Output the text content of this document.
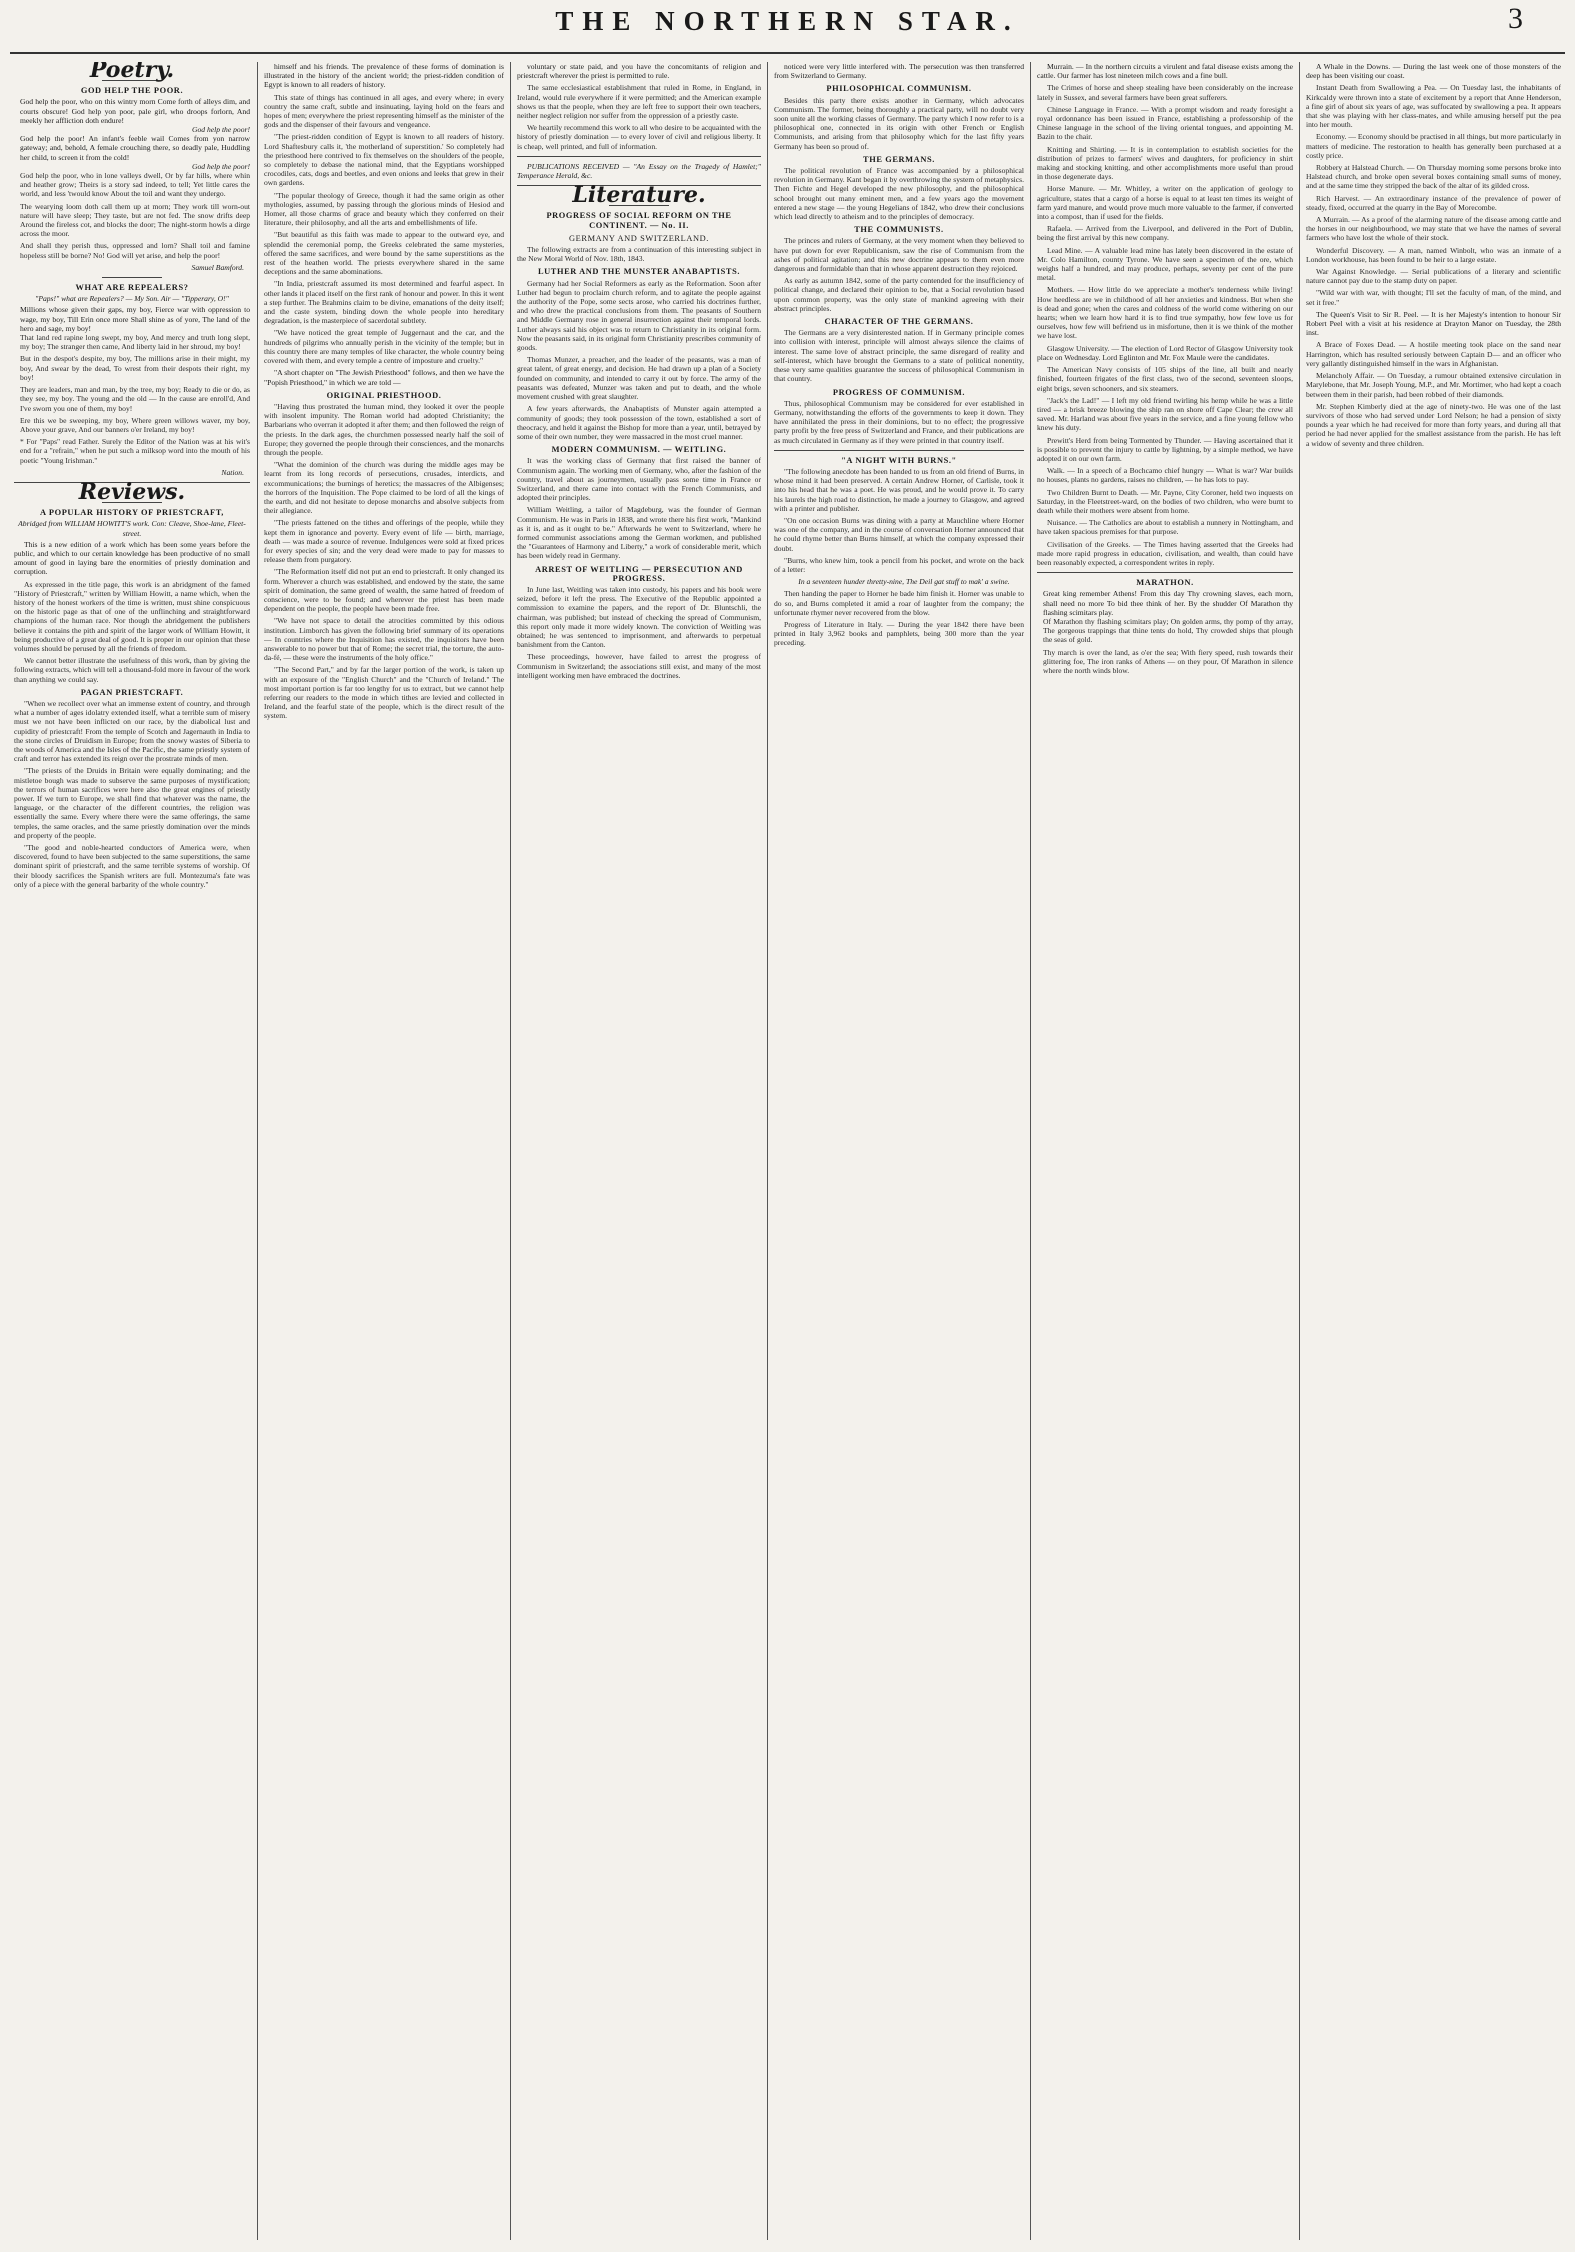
THE NORTHERN STAR.	3
Poetry.
GOD HELP THE POOR.

God help the poor, who on this wintry morn Come forth of alleys dim, and courts obscure! God help yon poor, pale girl, who droops forlorn, And meekly her affliction doth endure!

God help the poor!

God help the poor! An infant's feeble wail Comes from yon narrow gateway; and, behold, A female crouching there, so deadly pale, Huddling her child, to screen it from the cold!

God help the poor!

God help the poor, who in lone valleys dwell, Or by far hills, where whin and heather grow; Theirs is a story sad indeed, to tell; Yet little cares the world, and less 'twould know About the toil and want they undergo.

The wearying loom doth call them up at morn; They work till worn-out nature will have sleep; They taste, but are not fed. The snow drifts deep Around the fireless cot, and blocks the door; The night-storm howls a dirge across the moor.

And shall they perish thus, oppressed and lorn? Shall toil and famine hopeless still be borne? No! God will yet arise, and help the poor!

Samuel Bamford.
WHAT ARE REPEALERS?
"Paps!" what are Repealers? — My Son. Air — "Tipperary, O!"

Millions whose given their gaps, my boy, Fierce war with oppression to wage, my boy, Till Erin once more Shall shine as of yore, The land of the hero and sage, my boy!

That land red rapine long swept, my boy, And mercy and truth long slept, my boy; The stranger then came, And liberty laid in her shroud, my boy!

But in the despot's despite, my boy, The millions arise in their might, my boy, And swear by the dead, To wrest from their despots their right, my boy!

They are leaders, man and man, by the tree, my boy; Ready to die or do, as they see, my boy. The young and the old — In the cause are enroll'd, And I've sworn you one of them, my boy!

Ere this we be sweeping, my boy, Where green willows waver, my boy, Above your grave, And our banners o'er Ireland, my boy!

* For "Paps" read Father. Surely the Editor of the Nation was at his wit's end for a "refrain," when he put such a milksop word into the mouth of his poetic "Young Irishman."

Nation.
Reviews.
A POPULAR HISTORY OF PRIESTCRAFT,
Abridged from WILLIAM HOWITT'S work. Con: Cleave, Shoe-lane, Fleet-street.

This is a new edition of a work which has been some years before the public, and which to our certain knowledge has been productive of no small amount of good in laying bare the enormities of priestly domination and corruption.

As expressed in the title page, this work is an abridgment of the famed "History of Priestcraft," written by William Howitt, a name which, when the history of the honest workers of the time is written, must shine conspicuous on the historic page as that of one of the unflinching and straightforward champions of the human race. Nor though the abridgement the publishers believe it contains the pith and spirit of the larger work of William Howitt, it being productive of a great deal of good. It is proper in our opinion that these volumes should be perused by all the friends of freedom.

We cannot better illustrate the usefulness of this work, than by giving the following extracts, which will tell a thousand-fold more in favour of the work than anything we could say.

PAGAN PRIESTCRAFT.

"When we recollect over what an immense extent of country, and through what a number of ages idolatry extended itself, what a terrible sum of misery must we not have been inflicted on our race, by the diabolical lust and cupidity of priestcraft! From the temple of Scotch and Jagernauth in India to the stone circles of Druidism in Europe; from the snowy wastes of Siberia to the woods of America and the Isles of the Pacific, the same priestly system of craft and terror has extended its reign over the prostrate minds of men.

"The priests of the Druids in Britain were equally dominating; and the mistletoe bough was made to subserve the same purposes of mystification; the terrors of human sacrifices were here also the great engines of priestly power. If we turn to Europe, we shall find that whatever was the name, the language, or the character of the different countries, the religion was essentially the same. Every where there were the same offerings, the same temples, the same oracles, and the same priestly domination over the minds and property of the people.

"The good and noble-hearted conductors of America were, when discovered, found to have been subjected to the same superstitions, the same dominant spirit of priestcraft, and the same terrible systems of worship. Of their bloody sacrifices the Spanish writers are full. Montezuma's fate was only of a piece with the general barbarity of the whole country."

himself and his friends. The prevalence of these forms of domination is illustrated in the history of the ancient world; the priest-ridden condition of Egypt is known to all readers of history.

This state of things has continued in all ages, and every where; in every country the same craft, subtle and insinuating, laying hold on the fears and hopes of men; everywhere the priest representing himself as the minister of the gods and the dispenser of their favours and vengeance.

"The priest-ridden condition of Egypt is known to all readers of history. Lord Shaftesbury calls it, 'the motherland of superstition.' So completely had the priesthood here contrived to fix themselves on the shoulders of the people, so completely to debase the national mind, that the Egyptians worshipped crocodiles, cats, dogs and beetles, and even onions and leeks that grew in their own gardens.

"The popular theology of Greece, though it had the same origin as other mythologies, assumed, by passing through the glorious minds of Hesiod and Homer, all those charms of grace and beauty which they conferred on their literature, their philosophy, and all the arts and embellishments of life.

"But beautiful as this faith was made to appear to the outward eye, and splendid the ceremonial pomp, the Greeks celebrated the same mysteries, offered the same sacrifices, and were bound by the same superstitions as the rest of the heathen world. The priests everywhere shared in the same deceptions and the same abominations.

"In India, priestcraft assumed its most determined and fearful aspect. In other lands it placed itself on the first rank of honour and power. In this it went a step further. The Brahmins claim to be divine, emanations of the deity itself; and the caste system, binding down the whole people into hereditary degradation, is the masterpiece of sacerdotal subtlety.

"We have noticed the great temple of Juggernaut and the car, and the hundreds of pilgrims who annually perish in the vicinity of the temple; but in this country there are many temples of like character, the whole country being covered with them, and every temple a centre of imposture and cruelty."

"A short chapter on "The Jewish Priesthood" follows, and then we have the "Popish Priesthood," in which we are told —

ORIGINAL PRIESTHOOD.

"Having thus prostrated the human mind, they looked it over the people with insolent impunity. The Roman world had adopted Christianity; the Barbarians who overran it adopted it after them; and then followed the reign of the priests. In the dark ages, the churchmen possessed nearly half the soil of Europe; they governed the people through their consciences, and the monarchs through the people.

"What the dominion of the church was during the middle ages may be learnt from its long records of persecutions, crusades, interdicts, and excommunications; the burnings of heretics; the massacres of the Albigenses; the horrors of the Inquisition. The Pope claimed to be lord of all the kings of the earth, and did not hesitate to depose monarchs and absolve subjects from their allegiance.

"The priests fattened on the tithes and offerings of the people, while they kept them in ignorance and poverty. Every event of life — birth, marriage, death — was made a source of revenue. Indulgences were sold at fixed prices for every species of sin; and the very dead were made to pay for masses to release them from purgatory.

"The Reformation itself did not put an end to priestcraft. It only changed its form. Wherever a church was established, and endowed by the state, the same spirit of domination, the same greed of wealth, the same hatred of freedom of conscience, were to be found; and wherever the priest has been made dependent on the people, the people have been made free.

"We have not space to detail the atrocities committed by this odious institution. Limborch has given the following brief summary of its operations — In countries where the Inquisition has existed, the inquisitors have been answerable to no power but that of Rome; the secret trial, the torture, the auto-da-fé, — these were the instruments of the holy office."

"The Second Part," and by far the larger portion of the work, is taken up with an exposure of the "English Church" and the "Church of Ireland." The most important portion is far too lengthy for us to extract, but we cannot help referring our readers to the mode in which tithes are levied and collected in Ireland, and the fearful state of the people, which is the direct result of the system.

voluntary or state paid, and you have the concomitants of religion and priestcraft wherever the priest is permitted to rule.

The same ecclesiastical establishment that ruled in Rome, in England, in Ireland, would rule everywhere if it were permitted; and the American example shows us that the people, when they are left free to support their own teachers, neither neglect religion nor suffer from the oppression of a priestly caste.

We heartily recommend this work to all who desire to be acquainted with the history of priestly domination — to every lover of civil and religious liberty. It is cheap, well printed, and full of information.

PUBLICATIONS RECEIVED — "An Essay on the Tragedy of Hamlet;" Temperance Herald, &c.

Literature.
PROGRESS OF SOCIAL REFORM ON THE CONTINENT. — No. II.
GERMANY AND SWITZERLAND.

The following extracts are from a continuation of this interesting subject in the New Moral World of Nov. 18th, 1843.

LUTHER AND THE MUNSTER ANABAPTISTS.

Germany had her Social Reformers as early as the Reformation. Soon after Luther had begun to proclaim church reform, and to agitate the people against the authority of the Pope, some sects arose, who carried his doctrines further, and who drew the practical conclusions from them. The peasants of Southern and Middle Germany rose in general insurrection against their temporal lords. Luther always said his object was to return to Christianity in its original form. Now the peasants said, in its original form Christianity prescribes community of goods.

Thomas Munzer, a preacher, and the leader of the peasants, was a man of great talent, of great energy, and decision. He had drawn up a plan of a Society founded on community, and intended to carry it out by force. The army of the peasants was defeated, Munzer was taken and put to death, and the whole movement crushed with great slaughter.

A few years afterwards, the Anabaptists of Munster again attempted a community of goods; they took possession of the town, established a sort of theocracy, and held it against the Bishop for more than a year, until, betrayed by some of their own number, they were massacred in the most cruel manner.

MODERN COMMUNISM. — WEITLING.

It was the working class of Germany that first raised the banner of Communism again. The working men of Germany, who, after the fashion of the country, travel about as journeymen, usually pass some time in France or Switzerland, and there came into contact with the French Communists, and adopted their principles.

William Weitling, a tailor of Magdeburg, was the founder of German Communism. He was in Paris in 1838, and wrote there his first work, "Mankind as it is, and as it ought to be." Afterwards he went to Switzerland, where he formed communist associations among the German workmen, and published the "Guarantees of Harmony and Liberty," a work of considerable merit, which has been widely read in Germany.

ARREST OF WEITLING — PERSECUTION AND PROGRESS.

In June last, Weitling was taken into custody, his papers and his book were seized, before it left the press. The Executive of the Republic appointed a commission to examine the papers, and the report of Dr. Bluntschli, the chairman, was published; but instead of checking the spread of Communism, this report only made it more widely known. The conviction of Weitling was obtained; he was sentenced to imprisonment, and afterwards to perpetual banishment from the Canton.

These proceedings, however, have failed to arrest the progress of Communism in Switzerland; the associations still exist, and many of the most intelligent working men have embraced the doctrines.

noticed were very little interfered with. The persecution was then transferred from Switzerland to Germany.

PHILOSOPHICAL COMMUNISM.

Besides this party there exists another in Germany, which advocates Communism. The former, being thoroughly a practical party, will no doubt very soon unite all the working classes of Germany. The party which I now refer to is a philosophical one, connected in its origin with other French or English Communists, and arising from that philosophy which for the last fifty years Germany has been so proud of.

THE GERMANS.

The political revolution of France was accompanied by a philosophical revolution in Germany. Kant began it by overthrowing the system of metaphysics. Then Fichte and Hegel developed the new philosophy, and the philosophical school brought out many eminent men, and a few years ago the movement entered a new stage — the young Hegelians of 1842, who drew their conclusions which lead directly to atheism and to the principles of democracy.

THE COMMUNISTS.

The princes and rulers of Germany, at the very moment when they believed to have put down for ever Republicanism, saw the rise of Communism from the ashes of political agitation; and this new doctrine appears to them even more dangerous and formidable than that in whose apparent destruction they rejoiced.

As early as autumn 1842, some of the party contended for the insufficiency of political change, and declared their opinion to be, that a Social revolution based upon common property, was the only state of mankind agreeing with their abstract principles.

CHARACTER OF THE GERMANS.

The Germans are a very disinterested nation. If in Germany principle comes into collision with interest, principle will almost always silence the claims of interest. The same love of abstract principle, the same disregard of reality and self-interest, which have brought the Germans to a state of political nonentity, these very same qualities guarantee the success of philosophical Communism in that country.

PROGRESS OF COMMUNISM.

Thus, philosophical Communism may be considered for ever established in Germany, notwithstanding the efforts of the governments to keep it down. They have annihilated the press in their dominions, but to no effect; the progressive party profit by the free press of Switzerland and France, and their publications are as much circulated in Germany as if they were printed in that country itself.

"A NIGHT WITH BURNS."

"The following anecdote has been handed to us from an old friend of Burns, in whose mind it had been preserved. A certain Andrew Horner, of Carlisle, took it into his head that he was a poet. He was proud, and he would prove it. To carry his laurels the high road to distinction, he made a journey to Glasgow, and agreed with a printer and publisher.

"On one occasion Burns was dining with a party at Mauchline where Horner was one of the company, and in the course of conversation Horner announced that he could rhyme better than Burns himself, at which the company expressed their doubt.

"Burns, who knew him, took a pencil from his pocket, and wrote on the back of a letter:

In a seventeen hunder thretty-nine, The Deil gat stuff to mak' a swine.

Then handing the paper to Horner he bade him finish it. Horner was unable to do so, and Burns completed it amid a roar of laughter from the company; the unfortunate rhymer never recovered from the blow.

Progress of Literature in Italy. — During the year 1842 there have been printed in Italy 3,962 books and pamphlets, being 300 more than the year preceding.

Murrain. — In the northern circuits a virulent and fatal disease exists among the cattle. Our farmer has lost nineteen milch cows and a fine bull.

The Crimes of horse and sheep stealing have been considerably on the increase lately in Sussex, and several farmers have been great sufferers.

Chinese Language in France. — With a prompt wisdom and ready foresight a royal ordonnance has been issued in France, establishing a professorship of the Chinese language in the school of the living oriental tongues, and appointing M. Bazin to the chair.

Knitting and Shirting. — It is in contemplation to establish societies for the distribution of prizes to farmers' wives and daughters, for proficiency in shirt making and stocking knitting, and other accomplishments more useful than proud in those degenerate days.

Horse Manure. — Mr. Whitley, a writer on the application of geology to agriculture, states that a cargo of a horse is equal to at least ten times its weight of farm yard manure, and would prove much more valuable to the farmer, if converted into a compost, than if used for the fields.

Rafaela. — Arrived from the Liverpool, and delivered in the Port of Dublin, being the first arrival by this new company.

Lead Mine. — A valuable lead mine has lately been discovered in the estate of Mr. Colo Hamilton, county Tyrone. We have seen a specimen of the ore, which weighs half a hundred, and may produce, perhaps, seventy per cent of the pure metal.

Mothers. — How little do we appreciate a mother's tenderness while living! How heedless are we in childhood of all her anxieties and kindness. But when she is dead and gone; when the cares and coldness of the world come withering on our hearts; when we learn how hard it is to find true sympathy, how few love us for ourselves, how few will befriend us in misfortune, then it is we think of the mother we have lost.

Glasgow University. — The election of Lord Rector of Glasgow University took place on Wednesday. Lord Eglinton and Mr. Fox Maule were the candidates.

The American Navy consists of 105 ships of the line, all built and nearly finished, fourteen frigates of the first class, two of the second, seventeen sloops, eight brigs, seven schooners, and six steamers.

"Jack's the Lad!" — I left my old friend twirling his hemp while he was a little tired — a brisk breeze blowing the ship ran on shore off Cape Clear; the crew all saved. Mr. Harland was about five years in the service, and a fine young fellow who knew his duty.

Prewitt's Herd from being Tormented by Thunder. — Having ascertained that it is possible to prevent the injury to cattle by lightning, by a simple method, we have adopted it on our own farm.

Walk. — In a speech of a Bochcamo chief hungry — What is war? War builds no houses, plants no gardens, raises no children, — he has lots to pay.

Two Children Burnt to Death. — Mr. Payne, City Coroner, held two inquests on Saturday, in the Fleetstreet-ward, on the bodies of two children, who were burnt to death while their mothers were absent from home.

Nuisance. — The Catholics are about to establish a nunnery in Nottingham, and have taken spacious premises for that purpose.

Civilisation of the Greeks. — The Times having asserted that the Greeks had made more rapid progress in education, civilisation, and wealth, than could have been reasonably expected, a correspondent writes in reply.

MARATHON.

Great king remember Athens! From this day Thy crowning slaves, each morn, shall need no more To bid thee think of her. By the shudder Of Marathon thy flashing scimitars play.

Of Marathon thy flashing scimitars play; On golden arms, thy pomp of thy array, The gorgeous trappings that thine tents do hold, Thy crowded ships that plough the seas of gold.

Thy march is over the land, as o'er the sea; With fiery speed, rush towards their glittering foe, The iron ranks of Athens — on they pour, Of Marathon in silence where the north winds blow.

A Whale in the Downs. — During the last week one of those monsters of the deep has been visiting our coast.

Instant Death from Swallowing a Pea. — On Tuesday last, the inhabitants of Kirkcaldy were thrown into a state of excitement by a report that Anne Henderson, a fine girl of about six years of age, was suffocated by swallowing a pea. It appears that she was playing with her class-mates, and while amusing herself put the pea into her mouth.

Economy. — Economy should be practised in all things, but more particularly in matters of medicine. The restoration to health has generally been purchased at a costly price.

Robbery at Halstead Church. — On Thursday morning some persons broke into Halstead church, and broke open several boxes containing small sums of money, and at the same time they stripped the back of the altar of its gilded cross.

Rich Harvest. — An extraordinary instance of the prevalence of power of steady, fixed, occurred at the quarry in the Bay of Morecombe.

A Murrain. — As a proof of the alarming nature of the disease among cattle and the horses in our neighbourhood, we may state that we have the names of several farmers who have lost the whole of their stock.

Wonderful Discovery. — A man, named Winbolt, who was an inmate of a London workhouse, has been found to be heir to a large estate.

War Against Knowledge. — Serial publications of a literary and scientific nature cannot pay due to the stamp duty on paper.

"Wild war with war, with thought; I'll set the faculty of man, of the mind, and set it free."

The Queen's Visit to Sir R. Peel. — It is her Majesty's intention to honour Sir Robert Peel with a visit at his residence at Drayton Manor on Tuesday, the 28th inst.

A Brace of Foxes Dead. — A hostile meeting took place on the sand near Harrington, which has resulted seriously between Captain D— and an officer who very gallantly distinguished himself in the wars in Afghanistan.

Melancholy Affair. — On Tuesday, a rumour obtained extensive circulation in Marylebone, that Mr. Joseph Young, M.P., and Mr. Mortimer, who had kept a coach between them in their parish, had been robbed of their diamonds.

Mr. Stephen Kimberly died at the age of ninety-two. He was one of the last survivors of those who had served under Lord Nelson; he had a pension of sixty pounds a year which he had received for more than forty years, and during all that period he had never applied for the smallest assistance from the parish. He has left a widow of seventy and three children.
